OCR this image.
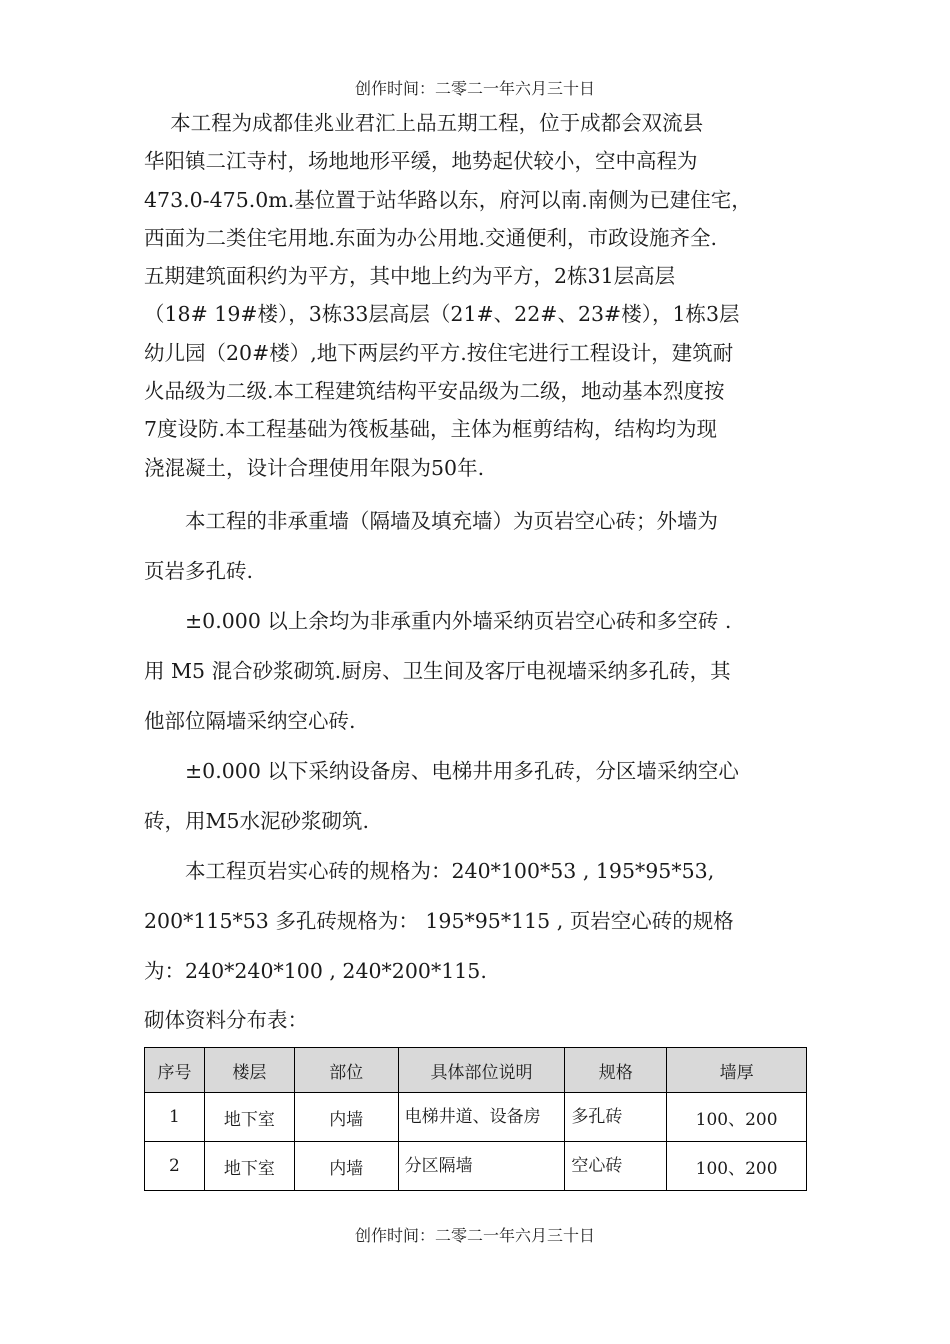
创作时间：二零二一年六月三十日
本工程为成都佳兆业君汇上品五期工程，位于成都会双流县
华阳镇二江寺村，场地地形平缓，地势起伏较小，空中高程为
473.0-475.0m.基位置于站华路以东，府河以南.南侧为已建住宅，
西面为二类住宅用地.东面为办公用地.交通便利，市政设施齐全.
五期建筑面积约为平方，其中地上约为平方，2栋31层高层
（18# 19#楼），3栋33层高层（21#、22#、23#楼），1栋3层
幼儿园（20#楼）,地下两层约平方.按住宅进行工程设计，建筑耐
火品级为二级.本工程建筑结构平安品级为二级，地动基本烈度按
7度设防.本工程基础为筏板基础，主体为框剪结构，结构均为现
浇混凝土，设计合理使用年限为50年.
本工程的非承重墙（隔墙及填充墙）为页岩空心砖；外墙为
页岩多孔砖.
±0.000 以上余均为非承重内外墙采纳页岩空心砖和多空砖 .
用 M5 混合砂浆砌筑.厨房、卫生间及客厅电视墙采纳多孔砖，其
他部位隔墙采纳空心砖.
±0.000 以下采纳设备房、电梯井用多孔砖，分区墙采纳空心
砖，用M5水泥砂浆砌筑.
本工程页岩实心砖的规格为：240*100*53 , 195*95*53,
200*115*53 多孔砖规格为： 195*95*115 , 页岩空心砖的规格
为：240*240*100 , 240*200*115.
砌体资料分布表：
序号	楼层	部位	具体部位说明	规格	墙厚
1	地下室	内墙	电梯井道、设备房	多孔砖	100、200
2	地下室	内墙	分区隔墙	空心砖	100、200
创作时间：二零二一年六月三十日
